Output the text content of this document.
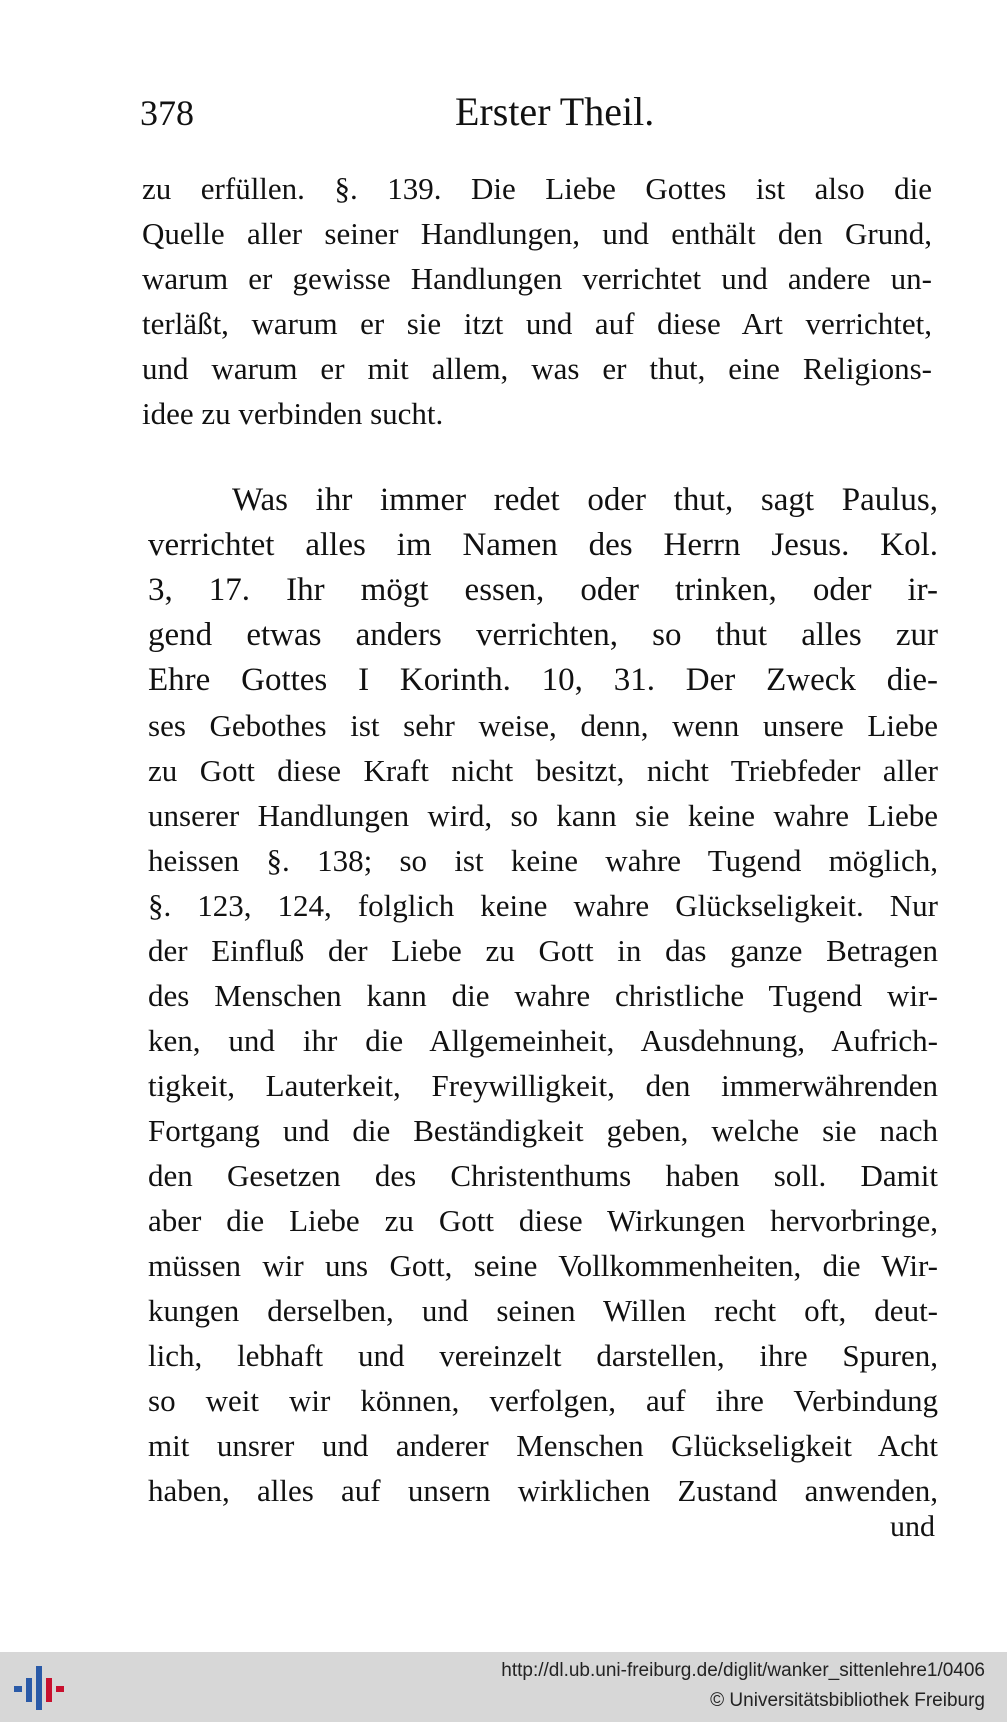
378	Erster Theil.
zu erfüllen. §. 139. Die Liebe Gottes ist also die
Quelle aller seiner Handlungen, und enthält den Grund,
warum er gewisse Handlungen verrichtet und andere un-
terläßt, warum er sie itzt und auf diese Art verrichtet,
und warum er mit allem, was er thut, eine Religions-
idee zu verbinden sucht.
Was ihr immer redet oder thut, sagt Paulus,
verrichtet alles im Namen des Herrn Jesus. Kol.
3, 17. Ihr mögt essen, oder trinken, oder ir-
gend etwas anders verrichten, so thut alles zur
Ehre Gottes I Korinth. 10, 31. Der Zweck die-
ses Gebothes ist sehr weise, denn, wenn unsere Liebe
zu Gott diese Kraft nicht besitzt, nicht Triebfeder aller
unserer Handlungen wird, so kann sie keine wahre Liebe
heissen §. 138; so ist keine wahre Tugend möglich,
§. 123, 124, folglich keine wahre Glückseligkeit. Nur
der Einfluß der Liebe zu Gott in das ganze Betragen
des Menschen kann die wahre christliche Tugend wir-
ken, und ihr die Allgemeinheit, Ausdehnung, Aufrich-
tigkeit, Lauterkeit, Freywilligkeit, den immerwährenden
Fortgang und die Beständigkeit geben, welche sie nach
den Gesetzen des Christenthums haben soll. Damit
aber die Liebe zu Gott diese Wirkungen hervorbringe,
müssen wir uns Gott, seine Vollkommenheiten, die Wir-
kungen derselben, und seinen Willen recht oft, deut-
lich, lebhaft und vereinzelt darstellen, ihre Spuren,
so weit wir können, verfolgen, auf ihre Verbindung
mit unsrer und anderer Menschen Glückseligkeit Acht
haben, alles auf unsern wirklichen Zustand anwenden,
und
http://dl.ub.uni-freiburg.de/diglit/wanker_sittenlehre1/0406
© Universitätsbibliothek Freiburg
